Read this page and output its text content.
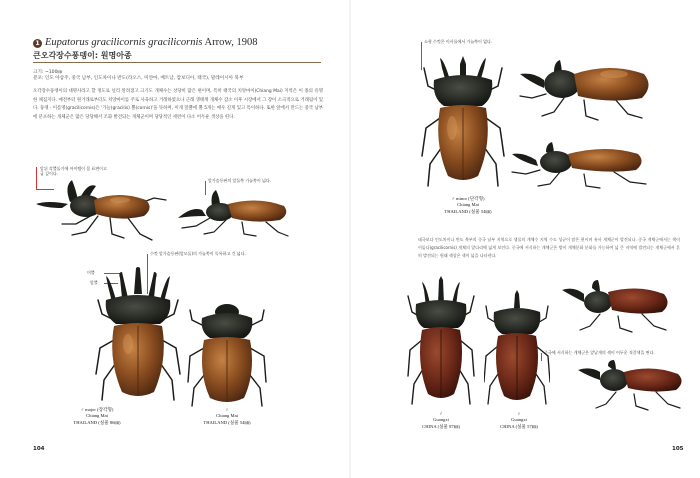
1 Eupatorus gracilicornis gracilicornis Arrow, 1908
큰오각장수풍뎅이: 원명아종
크기: ~100㎜
분포: 인도 아삼주, 중국 남부, 인도차이나 반도(라오스, 미얀마, 베트남, 캄보디아, 태국), 말레이시아 북부
오각장수풍뎅이의 대명사라고 할 정도로 널리 알려졌고 크기도 개체수는 상당히 많은 편이며, 특히 태국의 치앙마이(Chiang Mai) 지역은 이 종의 유명한 채집지다. 예전부터 원거래로부터도 치앙마이를 주로 사육하고 거래하였으나 근래 생태계 개체수 감소 이후 시장에서 그 장이 소극적으로 거래됨이 있다. 풍뎅 · 이름명(gracilicornis)은 '가늘(gracilis) 뿔(cornis)'을 뜻하며, 이개 말뿔에 뿔 5개는 매우 길게 있고 특이하다. 또한 앞에서 만드는 중국 남부에 분포하는 개체군은 많은 당당해서 조화 발견되는 개체군이며 당당적인 세련이 다소 어두운 색상을 띤다.
앞뒤 각뿔돌기에 아이템이 몸 표면이고 굽 깊이다.
앞가슴등판의 앞돌쪽 가늘쪽이 넓다.
수컷 앞가슴등판(앞모돌)의 가늘쪽이 독특하고 긴 넓다.
머뿔
앞뿔
♂ major (장각형)
Chiang Mai
THAILAND (실물 86㎜)
♀
Chiang Mai
THAILAND (실물 54㎜)
104
소형 수컷은 이사를에서 가늘쪽이 없다.
♂ minor (단각형)
Chiang Mai
THAILAND (실물 54㎜)
태국보다 인도차이나 반도 북부의 중국 남부 지역으로 생물의 개체수 지역 수도 성균이 많은 편이며 유사 개체군이 발견되나. 중국 개체군에서는 색이 어둡다(gracilicornis) 개체의 앞다리에 넓게 보인다. 중국에 서식하는 개체군은 방이 개체분화 분화를 가능하여 넓 큰 지역에 발견되는 개체군에서 흔히 발견되는 원래 색상은 색이 넓을 나타낸다.
중국에 서식하는 개체군은 앞날개의 색이 어두운 적갈색을 띤다.
♂
Guangxi
CHINA (실물 87㎜)
♀
Guangxi
CHINA (실물 57㎜)
105
